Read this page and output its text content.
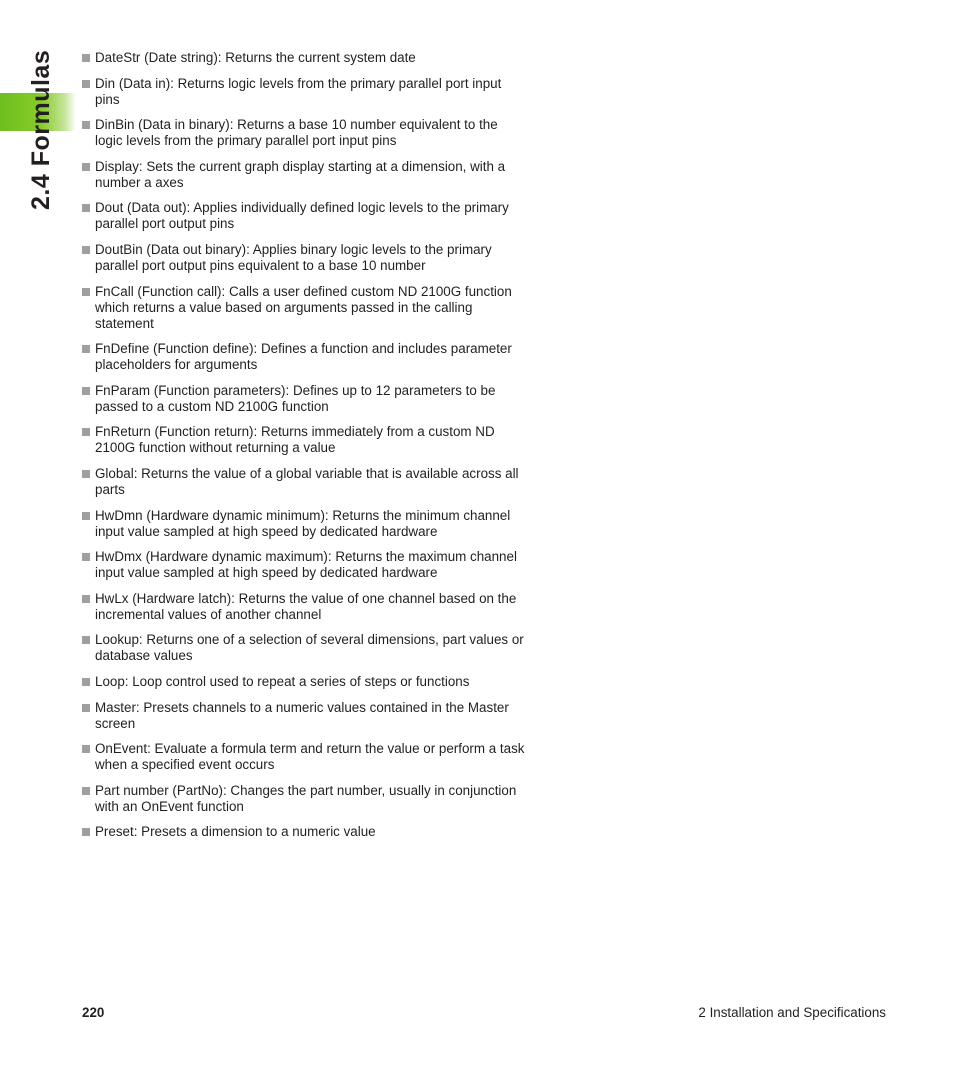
2.4 Formulas	DateStr (Date string): Returns the current system date
Din (Data in): Returns logic levels from the primary parallel port input pins
DinBin (Data in binary): Returns a base 10 number equivalent to the logic levels from the primary parallel port input pins
Display: Sets the current graph display starting at a dimension, with a number a axes
Dout (Data out): Applies individually defined logic levels to the primary parallel port output pins
DoutBin (Data out binary): Applies binary logic levels to the primary parallel port output pins equivalent to a base 10 number
FnCall (Function call): Calls a user defined custom ND 2100G function which returns a value based on arguments passed in the calling statement
FnDefine (Function define): Defines a function and includes parameter placeholders for arguments
FnParam (Function parameters): Defines up to 12 parameters to be passed to a custom ND 2100G function
FnReturn (Function return): Returns immediately from a custom ND 2100G function without returning a value
Global: Returns the value of a global variable that is available across all parts
HwDmn (Hardware dynamic minimum): Returns the minimum channel input value sampled at high speed by dedicated hardware
HwDmx (Hardware dynamic maximum): Returns the maximum channel input value sampled at high speed by dedicated hardware
HwLx (Hardware latch): Returns the value of one channel based on the incremental values of another channel
Lookup: Returns one of a selection of several dimensions, part values or database values
Loop: Loop control used to repeat a series of steps or functions
Master: Presets channels to a numeric values contained in the Master screen
OnEvent: Evaluate a formula term and return the value or perform a task when a specified event occurs
Part number (PartNo): Changes the part number, usually in conjunction with an OnEvent function
Preset: Presets a dimension to a numeric value
220	2 Installation and Specifications
